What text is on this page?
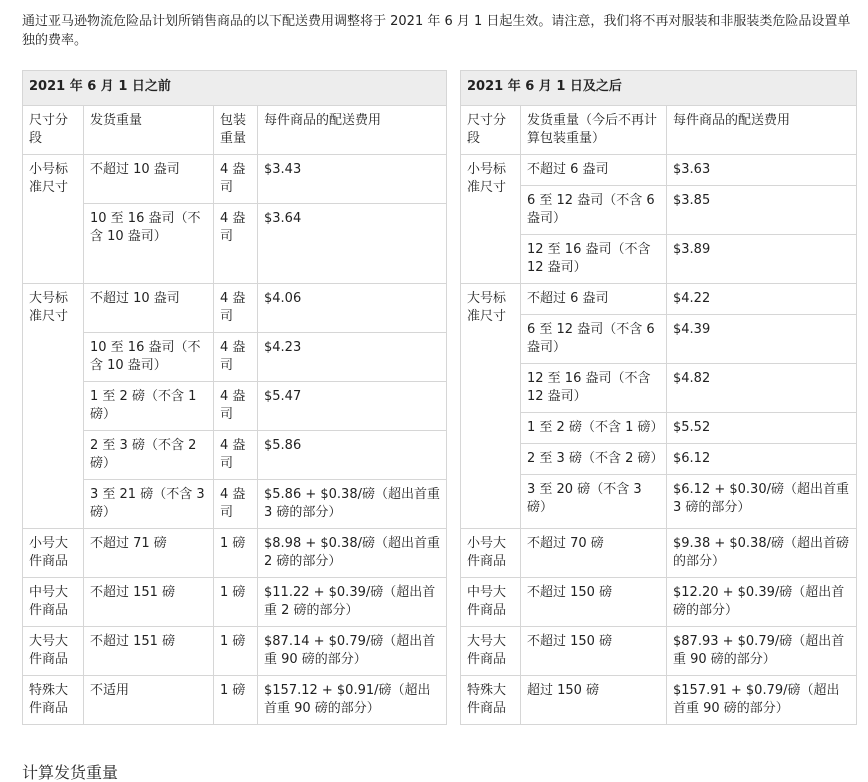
通过亚马逊物流危险品计划所销售商品的以下配送费用调整将于 2021 年 6 月 1 日起生效。请注意，我们将不再对服装和非服装类危险品设置单独的费率。
2021 年 6 月 1 日之前			
尺寸分段	发货重量	包装重量	每件商品的配送费用
小号标准尺寸	不超过 10 盎司	4 盎司	$3.43
	10 至 16 盎司（不含 10 盎司）	4 盎司	$3.64
大号标准尺寸	不超过 10 盎司	4 盎司	$4.06
	10 至 16 盎司（不含 10 盎司）	4 盎司	$4.23
	1 至 2 磅（不含 1 磅）	4 盎司	$5.47
	2 至 3 磅（不含 2 磅）	4 盎司	$5.86
	3 至 21 磅（不含 3 磅）	4 盎司	$5.86 + $0.38/磅（超出首重 3 磅的部分）
小号大件商品	不超过 71 磅	1 磅	$8.98 + $0.38/磅（超出首重 2 磅的部分）
中号大件商品	不超过 151 磅	1 磅	$11.22 + $0.39/磅（超出首重 2 磅的部分）
大号大件商品	不超过 151 磅	1 磅	$87.14 + $0.79/磅（超出首重 90 磅的部分）
特殊大件商品	不适用	1 磅	$157.12 + $0.91/磅（超出首重 90 磅的部分）
2021 年 6 月 1 日及之后		
尺寸分段	发货重量（今后不再计算包装重量）	每件商品的配送费用
小号标准尺寸	不超过 6 盎司	$3.63
	6 至 12 盎司（不含 6 盎司）	$3.85
	12 至 16 盎司（不含 12 盎司）	$3.89
大号标准尺寸	不超过 6 盎司	$4.22
	6 至 12 盎司（不含 6 盎司）	$4.39
	12 至 16 盎司（不含 12 盎司）	$4.82
	1 至 2 磅（不含 1 磅）	$5.52
	2 至 3 磅（不含 2 磅）	$6.12
	3 至 20 磅（不含 3 磅）	$6.12 + $0.30/磅（超出首重 3 磅的部分）
小号大件商品	不超过 70 磅	$9.38 + $0.38/磅（超出首磅的部分）
中号大件商品	不超过 150 磅	$12.20 + $0.39/磅（超出首磅的部分）
大号大件商品	不超过 150 磅	$87.93 + $0.79/磅（超出首重 90 磅的部分）
特殊大件商品	超过 150 磅	$157.91 + $0.79/磅（超出首重 90 磅的部分）
计算发货重量
